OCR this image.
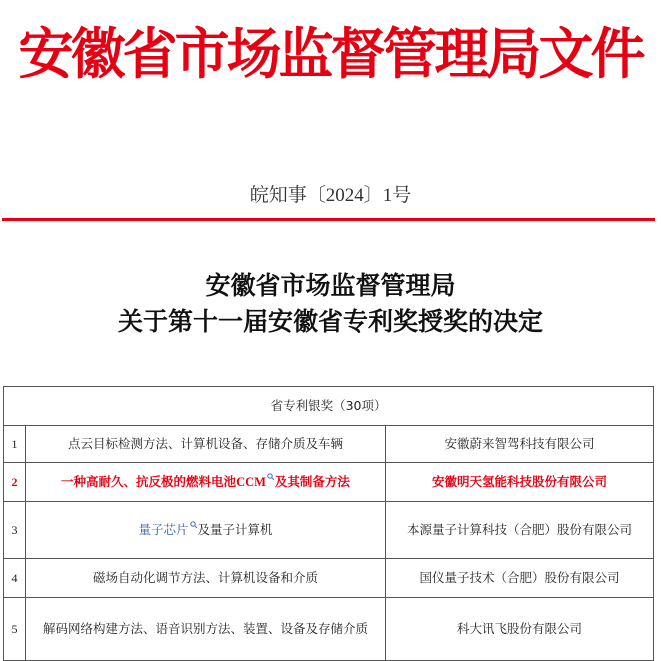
安徽省市场监督管理局文件
皖知事〔2024〕1号
安徽省市场监督管理局
关于第十一届安徽省专利奖授奖的决定
省专利银奖（30项）		
1	点云目标检测方法、计算机设备、存储介质及车辆	安徽蔚来智驾科技有限公司
2	一种高耐久、抗反极的燃料电池CCM 及其制备方法	安徽明天氢能科技股份有限公司
3	量子芯片 及量子计算机	本源量子计算科技（合肥）股份有限公司
4	磁场自动化调节方法、计算机设备和介质	国仪量子技术（合肥）股份有限公司
5	解码网络构建方法、语音识别方法、装置、设备及存储介质	科大讯飞股份有限公司
